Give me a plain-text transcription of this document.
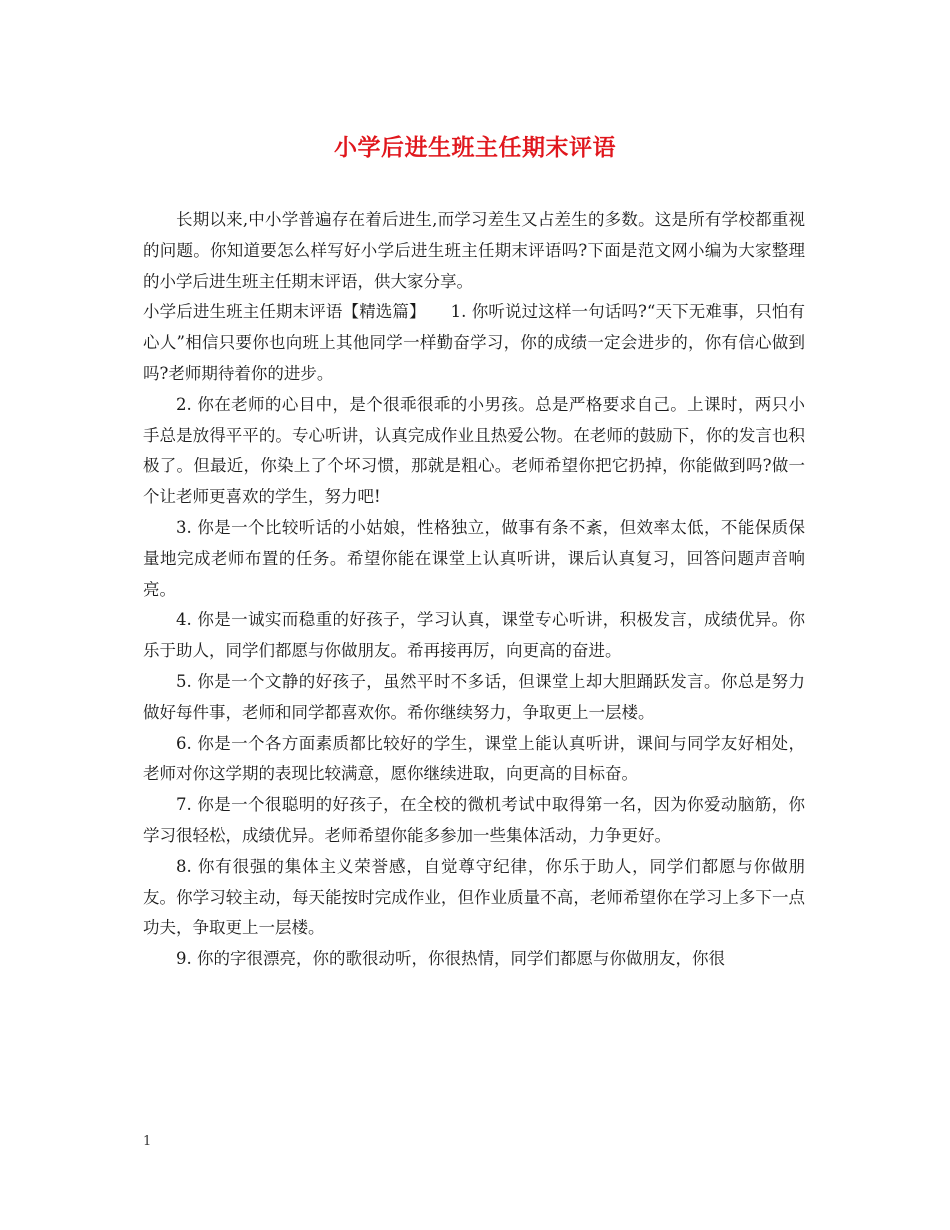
小学后进生班主任期末评语

长期以来,中小学普遍存在着后进生,而学习差生又占差生的多数。这是所有学校都重视的问题。你知道要怎么样写好小学后进生班主任期末评语吗?下面是范文网小编为大家整理的小学后进生班主任期末评语，供大家分享。

小学后进生班主任期末评语【精选篇】　　1. 你听说过这样一句话吗?“天下无难事，只怕有心人”相信只要你也向班上其他同学一样勤奋学习，你的成绩一定会进步的，你有信心做到吗?老师期待着你的进步。

2. 你在老师的心目中，是个很乖很乖的小男孩。总是严格要求自己。上课时，两只小手总是放得平平的。专心听讲，认真完成作业且热爱公物。在老师的鼓励下，你的发言也积极了。但最近，你染上了个坏习惯，那就是粗心。老师希望你把它扔掉，你能做到吗?做一个让老师更喜欢的学生，努力吧!

3. 你是一个比较听话的小姑娘，性格独立，做事有条不紊，但效率太低，不能保质保量地完成老师布置的任务。希望你能在课堂上认真听讲，课后认真复习，回答问题声音响亮。

4. 你是一诚实而稳重的好孩子，学习认真，课堂专心听讲，积极发言，成绩优异。你乐于助人，同学们都愿与你做朋友。希再接再厉，向更高的奋进。

5. 你是一个文静的好孩子，虽然平时不多话，但课堂上却大胆踊跃发言。你总是努力做好每件事，老师和同学都喜欢你。希你继续努力，争取更上一层楼。

6. 你是一个各方面素质都比较好的学生，课堂上能认真听讲，课间与同学友好相处，老师对你这学期的表现比较满意，愿你继续进取，向更高的目标奋。

7. 你是一个很聪明的好孩子，在全校的微机考试中取得第一名，因为你爱动脑筋，你学习很轻松，成绩优异。老师希望你能多参加一些集体活动，力争更好。

8. 你有很强的集体主义荣誉感，自觉尊守纪律，你乐于助人，同学们都愿与你做朋友。你学习较主动，每天能按时完成作业，但作业质量不高，老师希望你在学习上多下一点功夫，争取更上一层楼。

9. 你的字很漂亮，你的歌很动听，你很热情，同学们都愿与你做朋友，你很

1
